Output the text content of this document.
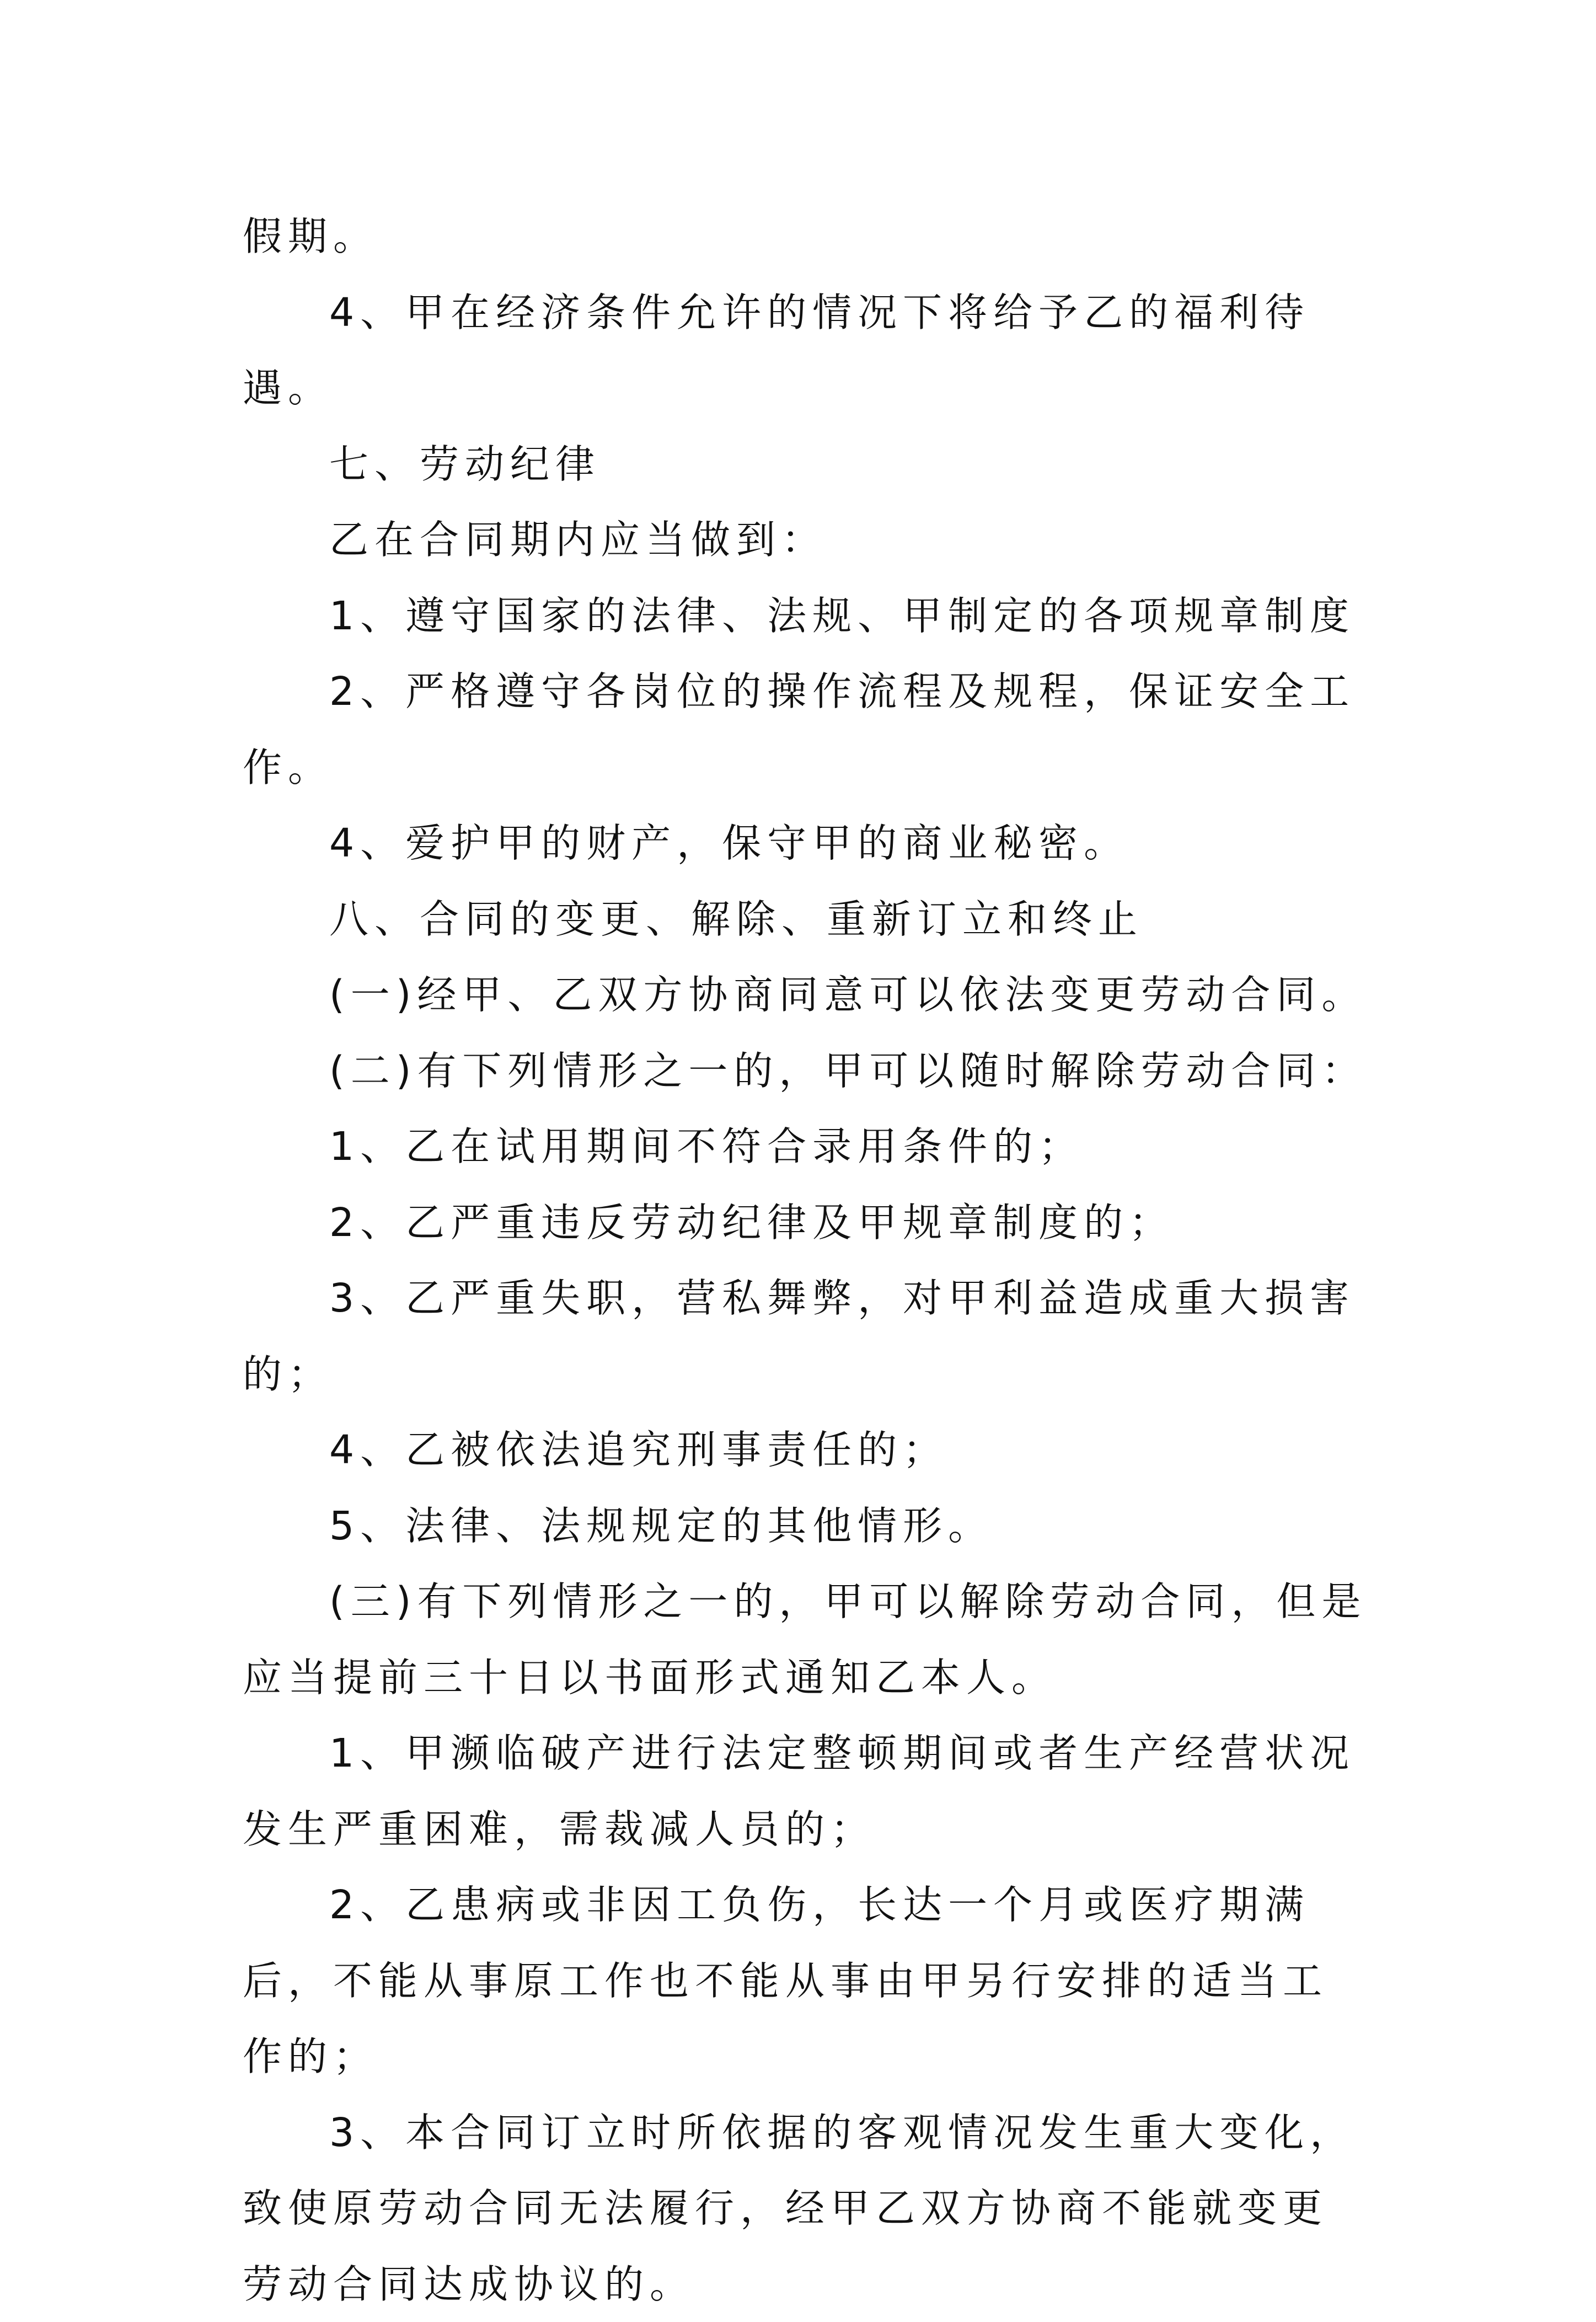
假期。

4、甲在经济条件允许的情况下将给予乙的福利待遇。

七、劳动纪律

乙在合同期内应当做到：

1、遵守国家的法律、法规、甲制定的各项规章制度

2、严格遵守各岗位的操作流程及规程，保证安全工作。

4、爱护甲的财产，保守甲的商业秘密。

八、合同的变更、解除、重新订立和终止

(一)经甲、乙双方协商同意可以依法变更劳动合同。

(二)有下列情形之一的，甲可以随时解除劳动合同：

1、乙在试用期间不符合录用条件的；

2、乙严重违反劳动纪律及甲规章制度的；

3、乙严重失职，营私舞弊，对甲利益造成重大损害的；

4、乙被依法追究刑事责任的；

5、法律、法规规定的其他情形。

(三)有下列情形之一的，甲可以解除劳动合同，但是应当提前三十日以书面形式通知乙本人。

1、甲濒临破产进行法定整顿期间或者生产经营状况发生严重困难，需裁减人员的；

2、乙患病或非因工负伤，长达一个月或医疗期满后，不能从事原工作也不能从事由甲另行安排的适当工作的；

3、本合同订立时所依据的客观情况发生重大变化，致使原劳动合同无法履行，经甲乙双方协商不能就变更劳动合同达成协议的。
